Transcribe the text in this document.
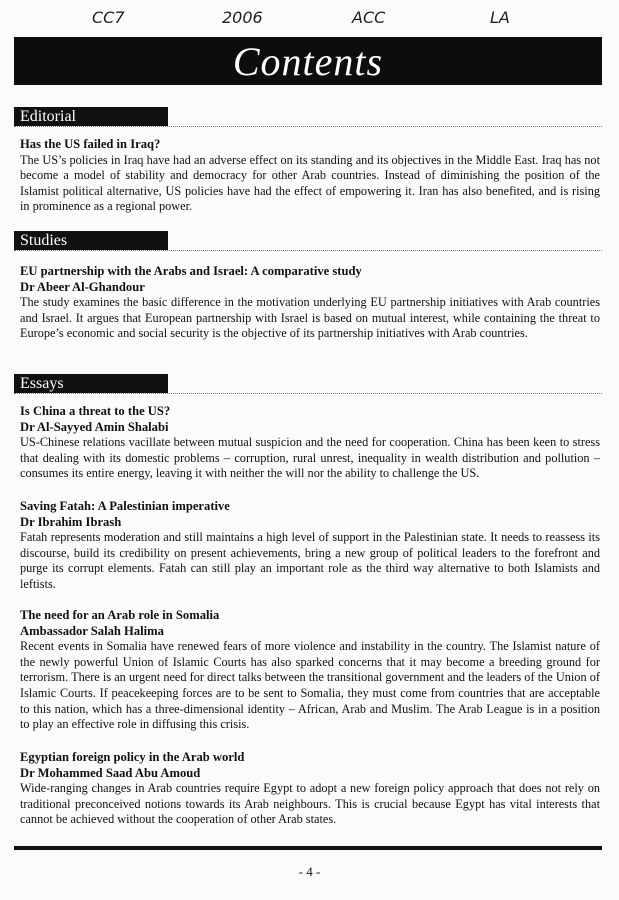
CC7	2006	ACC	LA
Contents
Editorial
Has the US failed in Iraq?
The US’s policies in Iraq have had an adverse effect on its standing and its objectives in the Middle East. Iraq has not become a model of stability and democracy for other Arab countries. Instead of diminishing the position of the Islamist political alternative, US policies have had the effect of empowering it. Iran has also benefited, and is rising in prominence as a regional power.
Studies
EU partnership with the Arabs and Israel: A comparative study
Dr Abeer Al-Ghandour
The study examines the basic difference in the motivation underlying EU partnership initiatives with Arab countries and Israel. It argues that European partnership with Israel is based on mutual interest, while containing the threat to Europe’s economic and social security is the objective of its partnership initiatives with Arab countries.
Essays
Is China a threat to the US?
Dr Al-Sayyed Amin Shalabi
US-Chinese relations vacillate between mutual suspicion and the need for cooperation. China has been keen to stress that dealing with its domestic problems – corruption, rural unrest, inequality in wealth distribution and pollution – consumes its entire energy, leaving it with neither the will nor the ability to challenge the US.
Saving Fatah: A Palestinian imperative
Dr Ibrahim Ibrash
Fatah represents moderation and still maintains a high level of support in the Palestinian state. It needs to reassess its discourse, build its credibility on present achievements, bring a new group of political leaders to the forefront and purge its corrupt elements. Fatah can still play an important role as the third way alternative to both Islamists and leftists.
The need for an Arab role in Somalia
Ambassador Salah Halima
Recent events in Somalia have renewed fears of more violence and instability in the country. The Islamist nature of the newly powerful Union of Islamic Courts has also sparked concerns that it may become a breeding ground for terrorism. There is an urgent need for direct talks between the transitional government and the leaders of the Union of Islamic Courts. If peacekeeping forces are to be sent to Somalia, they must come from countries that are acceptable to this nation, which has a three-dimensional identity – African, Arab and Muslim. The Arab League is in a position to play an effective role in diffusing this crisis.
Egyptian foreign policy in the Arab world
Dr Mohammed Saad Abu Amoud
Wide-ranging changes in Arab countries require Egypt to adopt a new foreign policy approach that does not rely on traditional preconceived notions towards its Arab neighbours. This is crucial because Egypt has vital interests that cannot be achieved without the cooperation of other Arab states.
- 4 -
